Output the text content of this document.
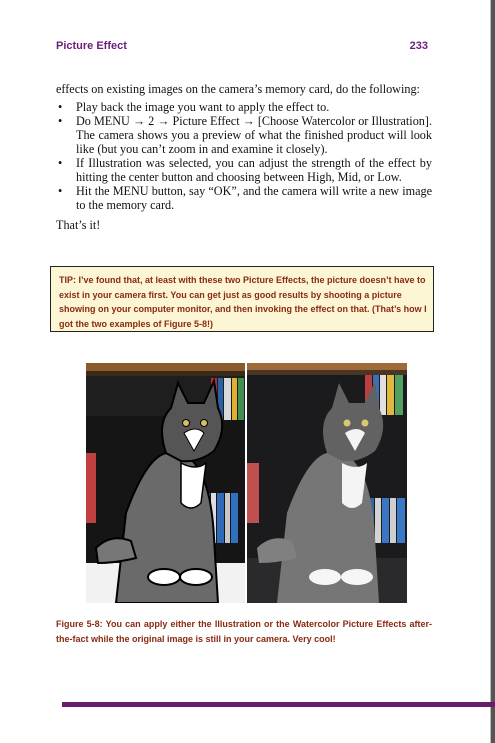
Picture Effect	233

effects on existing images on the camera’s memory card, do the following:

• Play back the image you want to apply the effect to.
• Do MENU → 2 → Picture Effect → [Choose Watercolor or Illustration]. The camera shows you a preview of what the finished product will look like (but you can’t zoom in and examine it closely).
• If Illustration was selected, you can adjust the strength of the effect by hitting the center button and choosing between High, Mid, or Low.
• Hit the MENU button, say “OK”, and the camera will write a new image to the memory card.

That’s it!

TIP: I’ve found that, at least with these two Picture Effects, the picture doesn’t have to exist in your camera first. You can get just as good results by shooting a picture showing on your computer monitor, and then invoking the effect on that. (That’s how I got the two examples of Figure 5-8!)
Figure 5-8: You can apply either the Illustration or the Watercolor Picture Effects after-the-fact while the original image is still in your camera. Very cool!
